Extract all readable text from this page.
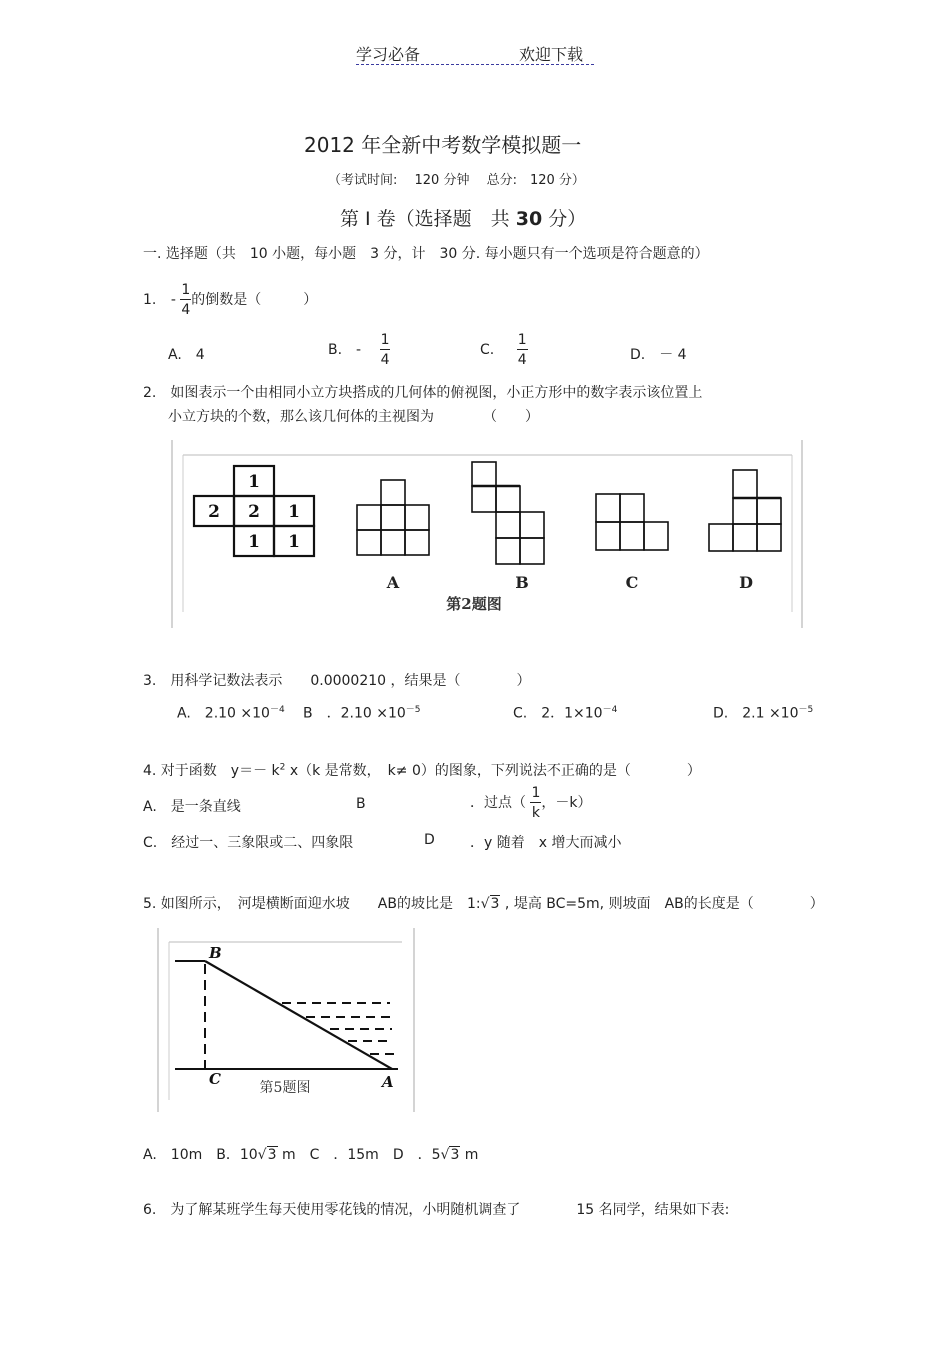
学习必备	欢迎下载
2012 年全新中考数学模拟题一
（考试时间:　 120 分钟　 总分:　120 分）
第 I 卷（选择题　共 30 分）
一. 选择题（共　10 小题，每小题　3 分，计　30 分. 每小题只有一个选项是符合题意的）
1. - $\frac{1}{4}$ 的倒数是（　　　）
A.　4	B.　- $\frac{1}{4}$	C. $\frac{1}{4}$	D.　－ 4
2.　如图表示一个由相同小立方块搭成的几何体的俯视图，小正方形中的数字表示该位置上
小立方块的个数，那么该几何体的主视图为　　　　（　　）
1
2 2 1
1 1
A	B	C	D
第2题图
3.　用科学记数法表示　　0.0000210 ，结果是（　　　　）
A.　$2.10 \times 10^{-4}$ B　．$2.10 \times 10^{-5}$	C.　2．$1\times 10^{-4}$	D.　$2.1 \times 10^{-5}$
4. 对于函数　$y=- k^2$ x（k 是常数，　k≠ 0）的图象，下列说法不正确的是（　　　　）
A.　是一条直线	B	．过点（ $\frac{1}{k}$ ，－k）
C.　经过一、三象限或二、四象限	D	．y 随着　x 增大而减小
5. 如图所示，　河堤横断面迎水坡　　AB的坡比是　1:√3 , 堤高 BC=5m, 则坡面　AB的长度是（　　　　）
B
C	A
第5题图
A.　10m　B．10√3 m　C　．15m　D　．5√3 m
6.　为了解某班学生每天使用零花钱的情况，小明随机调查了　　　　15 名同学，结果如下表:
